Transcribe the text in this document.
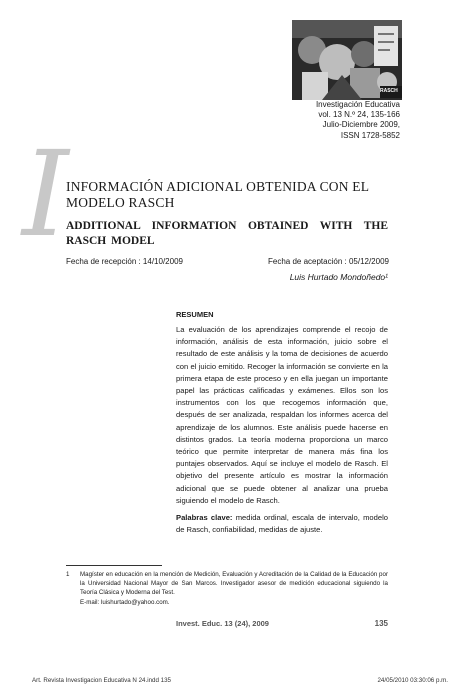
RASCH
Investigación Educativa
vol. 13 N.º 24, 135-166
Julio-Diciembre 2009,
ISSN 1728-5852
I
INFORMACIÓN ADICIONAL OBTENIDA CON EL MODELO RASCH
ADDITIONAL INFORMATION OBTAINED WITH THE
RASCH MODEL
Fecha de recepción : 14/10/2009	Fecha de aceptación : 05/12/2009
Luis Hurtado Mondoñedo¹
RESUMEN
La evaluación de los aprendizajes comprende el recojo de información, análisis de esta información, juicio sobre el resultado de este análisis y la toma de decisiones de acuerdo con el juicio emitido. Recoger la información se convierte en la primera etapa de este proceso y en ella juegan un importante papel las prácticas calificadas y exámenes. Ellos son los instrumentos con los que recogemos información que, después de ser analizada, respaldan los informes acerca del aprendizaje de los alumnos. Este análisis puede hacerse en distintos grados. La teoría moderna proporciona un marco teórico que permite interpretar de manera más fina los puntajes observados. Aquí se incluye el modelo de Rasch. El objetivo del presente artículo es mostrar la información adicional que se puede obtener al analizar una prueba siguiendo el modelo de Rasch.
Palabras clave: medida ordinal, escala de intervalo, modelo de Rasch, confiabilidad, medidas de ajuste.
1 Magíster en educación en la mención de Medición, Evaluación y Acreditación de la Calidad de la Educación por la Universidad Nacional Mayor de San Marcos. Investigador asesor de medición educacional siguiendo la Teoría Clásica y Moderna del Test.
E-mail: luishurtado@yahoo.com.
Invest. Educ. 13 (24), 2009	135
Art. Revista Investigacion Educativa N 24.indd 135	24/05/2010 03:30:06 p.m.
